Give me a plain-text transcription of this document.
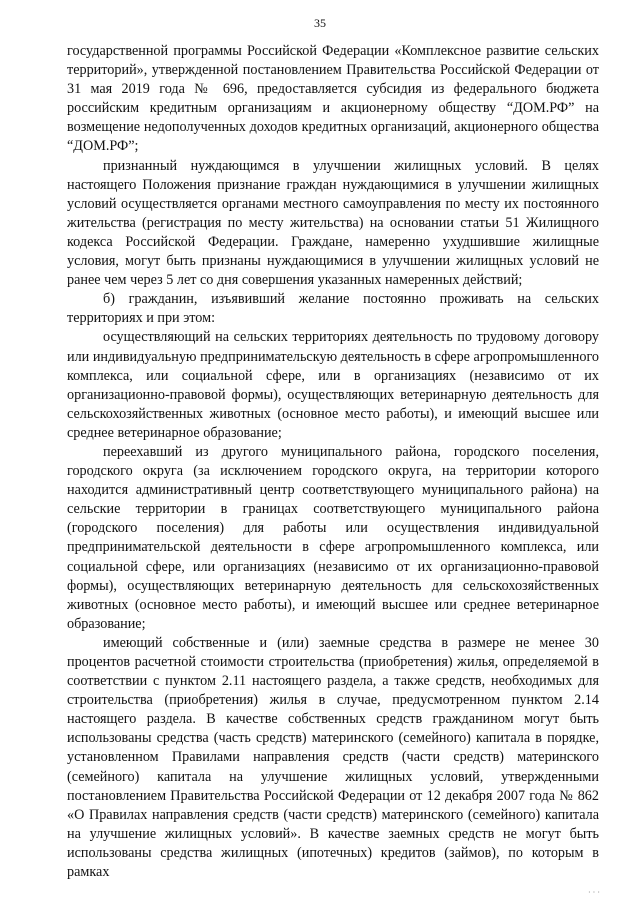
35

государственной программы Российской Федерации «Комплексное развитие сельских территорий», утвержденной постановлением Правительства Российской Федерации от 31 мая 2019 года № 696, предоставляется субсидия из федерального бюджета российским кредитным организациям и акционерному обществу “ДОМ.РФ” на возмещение недополученных доходов кредитных организаций, акционерного общества “ДОМ.РФ”;

признанный нуждающимся в улучшении жилищных условий. В целях настоящего Положения признание граждан нуждающимися в улучшении жилищных условий осуществляется органами местного самоуправления по месту их постоянного жительства (регистрация по месту жительства) на основании статьи 51 Жилищного кодекса Российской Федерации. Граждане, намеренно ухудшившие жилищные условия, могут быть признаны нуждающимися в улучшении жилищных условий не ранее чем через 5 лет со дня совершения указанных намеренных действий;

б) гражданин, изъявивший желание постоянно проживать на сельских территориях и при этом:

осуществляющий на сельских территориях деятельность по трудовому договору или индивидуальную предпринимательскую деятельность в сфере агропромышленного комплекса, или социальной сфере, или в организациях (независимо от их организационно-правовой формы), осуществляющих ветеринарную деятельность для сельскохозяйственных животных (основное место работы), и имеющий высшее или среднее ветеринарное образование;

переехавший из другого муниципального района, городского поселения, городского округа (за исключением городского округа, на территории которого находится административный центр соответствующего муниципального района) на сельские территории в границах соответствующего муниципального района (городского поселения) для работы или осуществления индивидуальной предпринимательской деятельности в сфере агропромышленного комплекса, или социальной сфере, или организациях (независимо от их организационно-правовой формы), осуществляющих ветеринарную деятельность для сельскохозяйственных животных (основное место работы), и имеющий высшее или среднее ветеринарное образование;

имеющий собственные и (или) заемные средства в размере не менее 30 процентов расчетной стоимости строительства (приобретения) жилья, определяемой в соответствии с пунктом 2.11 настоящего раздела, а также средств, необходимых для строительства (приобретения) жилья в случае, предусмотренном пунктом 2.14 настоящего раздела. В качестве собственных средств гражданином могут быть использованы средства (часть средств) материнского (семейного) капитала в порядке, установленном Правилами направления средств (части средств) материнского (семейного) капитала на улучшение жилищных условий, утвержденными постановлением Правительства Российской Федерации от 12 декабря 2007 года № 862 «О Правилах направления средств (части средств) материнского (семейного) капитала на улучшение жилищных условий». В качестве заемных средств не могут быть использованы средства жилищных (ипотечных) кредитов (займов), по которым в рамках

· · ·
